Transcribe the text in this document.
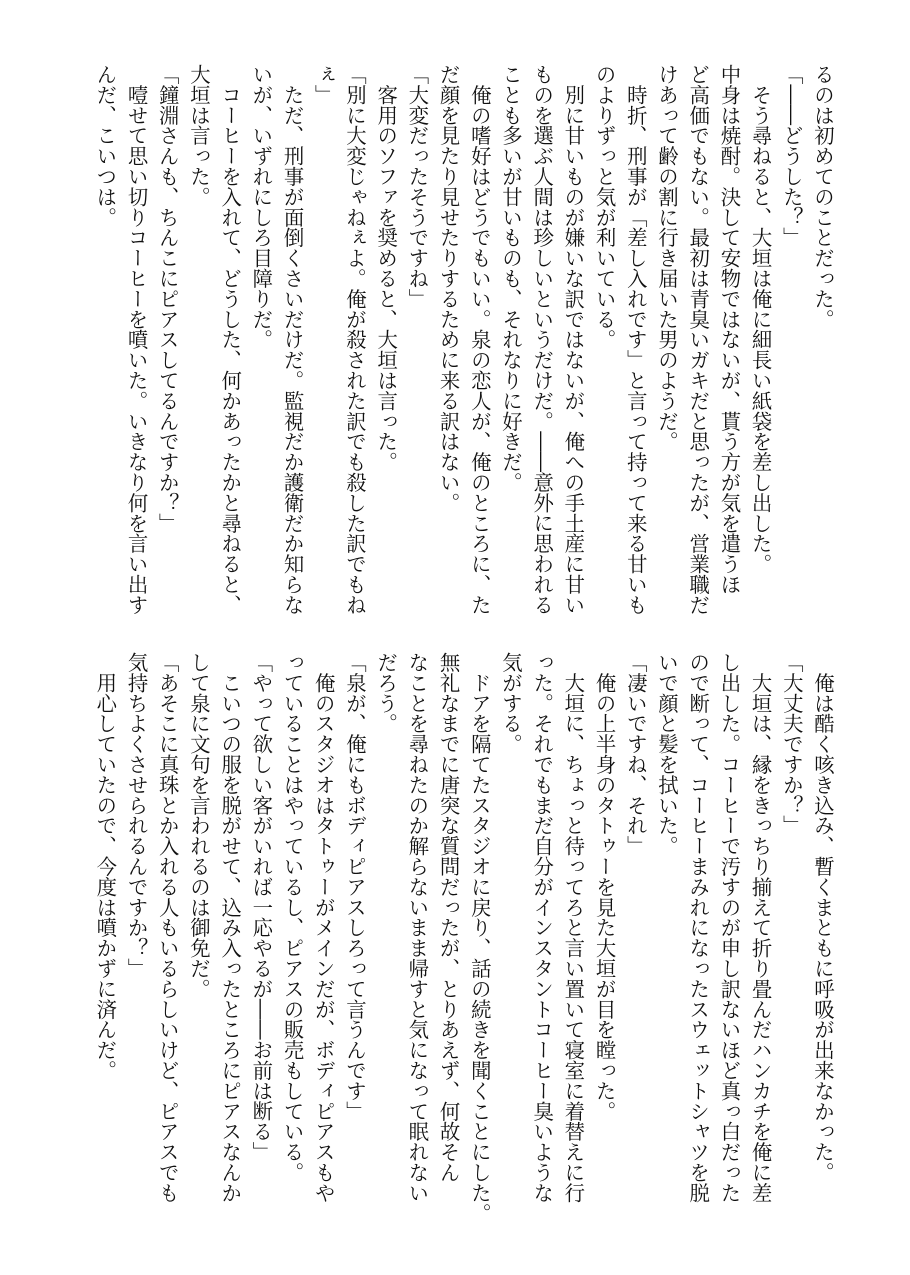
るのは初めてのことだった。
「――どうした？」
　そう尋ねると、大垣は俺に細長い紙袋を差し出した。
中身は焼酎。決して安物ではないが、貰う方が気を遣うほ
ど高価でもない。最初は青臭いガキだと思ったが、営業職だ
けあって齢の割に行き届いた男のようだ。
　時折、刑事が「差し入れです」と言って持って来る甘いも
のよりずっと気が利いている。
　別に甘いものが嫌いな訳ではないが、俺への手土産に甘い
ものを選ぶ人間は珍しいというだけだ。――意外に思われる
ことも多いが甘いものも、それなりに好きだ。
　俺の嗜好はどうでもいい。泉の恋人が、俺のところに、た
だ顔を見たり見せたりするために来る訳はない。
「大変だったそうですね」
　客用のソファを奨めると、大垣は言った。
「別に大変じゃねぇよ。俺が殺された訳でも殺した訳でもね
ぇ」
　ただ、刑事が面倒くさいだけだ。監視だか護衛だか知らな
いが、いずれにしろ目障りだ。
　コーヒーを入れて、どうした、何かあったかと尋ねると、
大垣は言った。
「鐘淵さんも、ちんこにピアスしてるんですか？」
　噎せて思い切りコーヒーを噴いた。いきなり何を言い出す
んだ、こいつは。
　俺は酷く咳き込み、暫くまともに呼吸が出来なかった。
「大丈夫ですか？」
　大垣は、縁をきっちり揃えて折り畳んだハンカチを俺に差
し出した。コーヒーで汚すのが申し訳ないほど真っ白だった
ので断って、コーヒーまみれになったスウェットシャツを脱
いで顔と髪を拭いた。
「凄いですね、それ」
　俺の上半身のタトゥーを見た大垣が目を瞠った。
　大垣に、ちょっと待ってろと言い置いて寝室に着替えに行
った。それでもまだ自分がインスタントコーヒー臭いような
気がする。
　ドアを隔てたスタジオに戻り、話の続きを聞くことにした。
無礼なまでに唐突な質問だったが、とりあえず、何故そん
なことを尋ねたのか解らないまま帰すと気になって眠れない
だろう。
「泉が、俺にもボディピアスしろって言うんです」
　俺のスタジオはタトゥーがメインだが、ボディピアスもや
っていることはやっているし、ピアスの販売もしている。
「やって欲しい客がいれば一応やるが――お前は断る」
　こいつの服を脱がせて、込み入ったところにピアスなんか
して泉に文句を言われるのは御免だ。
「あそこに真珠とか入れる人もいるらしいけど、ピアスでも
気持ちよくさせられるんですか？」
　用心していたので、今度は噴かずに済んだ。
